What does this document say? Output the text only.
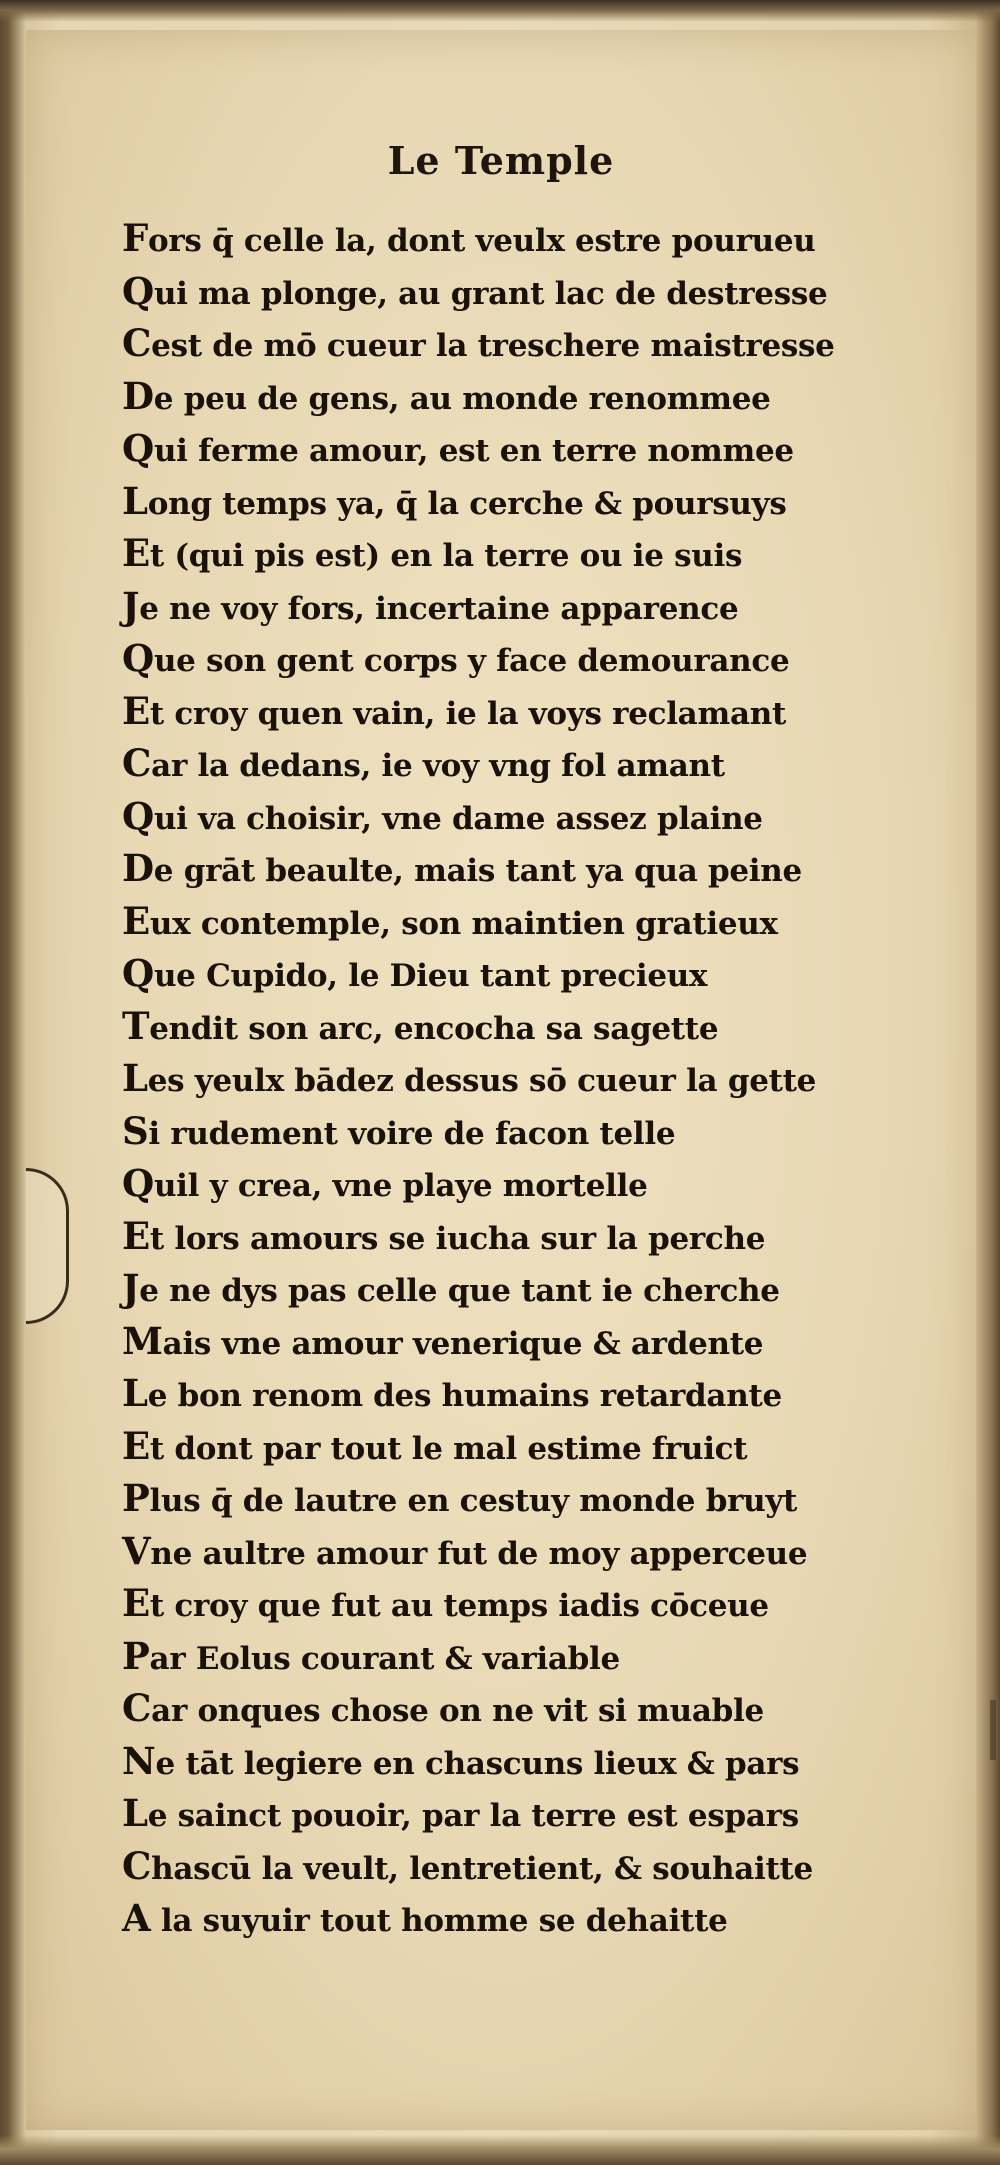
Le Temple
Fors q̄ celle la, dont veulx estre pourueu
Qui ma plonge, au grant lac de destresse
Cest de mō cueur la treschere maistresse
De peu de gens, au monde renommee
Qui ferme amour, est en terre nommee
Long temps ya, q̄ la cerche & poursuys
Et (qui pis est) en la terre ou ie suis
Je ne voy fors, incertaine apparence
Que son gent corps y face demourance
Et croy quen vain, ie la voys reclamant
Car la dedans, ie voy vng fol amant
Qui va choisir, vne dame assez plaine
De grāt beaulte, mais tant ya qua peine
Eux contemple, son maintien gratieux
Que Cupido, le Dieu tant precieux
Tendit son arc, encocha sa sagette
Les yeulx bādez dessus sō cueur la gette
Si rudement voire de facon telle
Quil y crea, vne playe mortelle
Et lors amours se iucha sur la perche
Je ne dys pas celle que tant ie cherche
Mais vne amour venerique & ardente
Le bon renom des humains retardante
Et dont par tout le mal estime fruict
Plus q̄ de lautre en cestuy monde bruyt
Vne aultre amour fut de moy apperceue
Et croy que fut au temps iadis cōceue
Par Eolus courant & variable
Car onques chose on ne vit si muable
Ne tāt legiere en chascuns lieux & pars
Le sainct pouoir, par la terre est espars
Chascū la veult, lentretient, & souhaitte
A la suyuir tout homme se dehaitte
